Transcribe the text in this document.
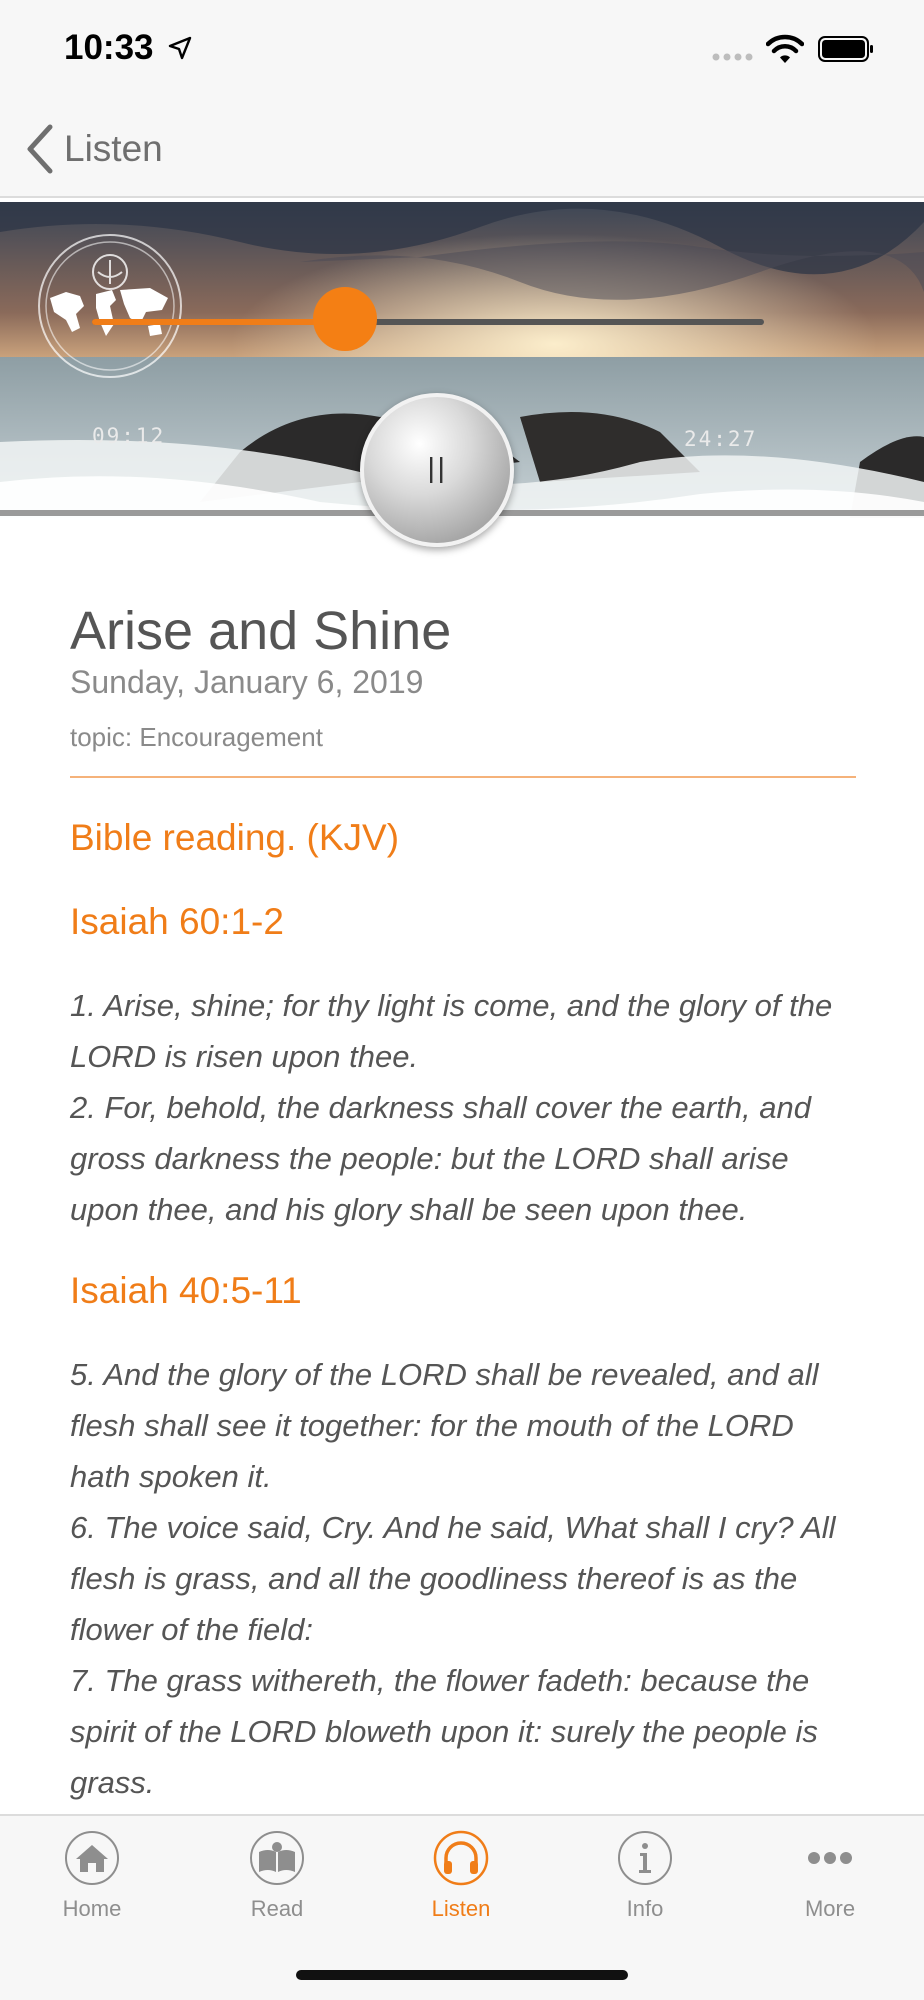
10:33
Listen
09:12	24:27
Arise and Shine
Sunday, January 6, 2019
topic: Encouragement
Bible reading. (KJV)
Isaiah 60:1-2
1. Arise, shine; for thy light is come, and the glory of the LORD is risen upon thee.
2. For, behold, the darkness shall cover the earth, and gross darkness the people: but the LORD shall arise upon thee, and his glory shall be seen upon thee.
Isaiah 40:5-11
5. And the glory of the LORD shall be revealed, and all flesh shall see it together: for the mouth of the LORD hath spoken it.
6. The voice said, Cry. And he said, What shall I cry? All flesh is grass, and all the goodliness thereof is as the flower of the field:
7. The grass withereth, the flower fadeth: because the spirit of the LORD bloweth upon it: surely the people is grass.
Home	Read	Listen	Info	More
